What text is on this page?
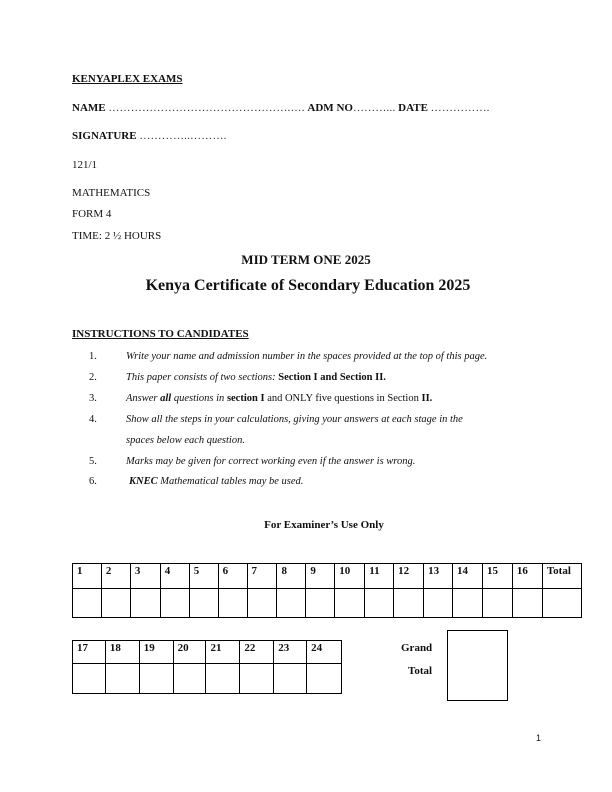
KENYAPLEX EXAMS
NAME ………………………………………….…. ADM NO………... DATE …………….
SIGNATURE …………..……….
121/1
MATHEMATICS
FORM 4
TIME: 2 ½ HOURS
MID TERM ONE 2025
Kenya Certificate of Secondary Education 2025
INSTRUCTIONS TO CANDIDATES
1.	Write your name and admission number in the spaces provided at the top of this page.
2.	This paper consists of two sections: Section I and Section II.
3.	Answer all questions in section I and ONLY five questions in Section II.
4.	Show all the steps in your calculations, giving your answers at each stage in the
spaces below each question.
5.	Marks may be given for correct working even if the answer is wrong.
6.	KNEC Mathematical tables may be used.
For Examiner’s Use Only
1	2	3	4	5	6	7	8	9	10	11	12	13	14	15	16	Total

17	18	19	20	21	22	23	24
								Grand
Total
1
